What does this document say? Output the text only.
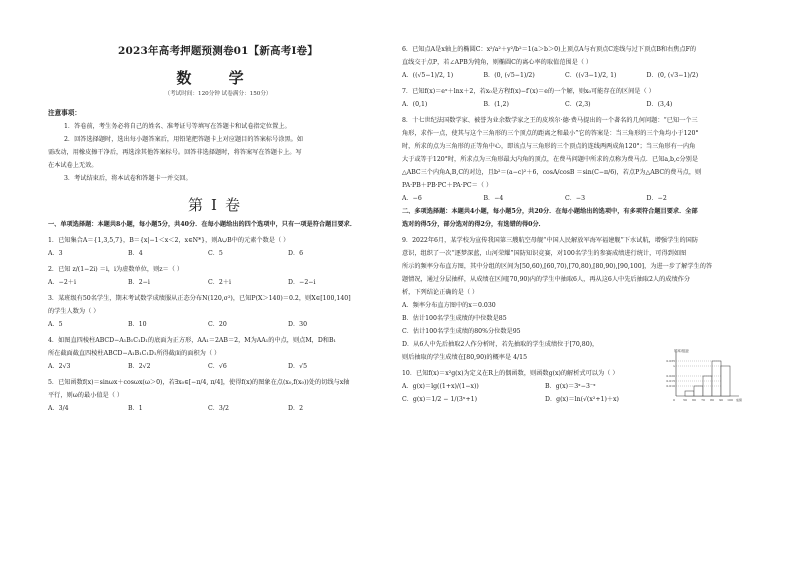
2023年高考押题预测卷01【新高考Ⅰ卷】
数 学
（考试时间：120分钟 试卷满分：150分）
注意事项：
1．答卷前，考生务必将自己的姓名、准考证号等填写在答题卡和试卷指定位置上。
2．回答选择题时，选出每小题答案后，用铅笔把答题卡上对应题目的答案标号涂黑。如
需改动，用橡皮擦干净后，再选涂其他答案标号。回答非选择题时，将答案写在答题卡上。写
在本试卷上无效。
3．考试结束后，将本试卷和答题卡一并交回。
第Ⅰ卷
一、单项选择题：本题共8小题，每小题5分，共40分．在每小题给出的四个选项中，只有一项是符合题目要求．
1．已知集合A＝{1,3,5,7}，B＝{x|−1＜x＜2，x∈N*}，则A∪B中的元素个数是（ ）
A．3	B．4	C．5	D．6
2．已知 z/(1−2i) ＝i，i为虚数单位，则z＝（ ）
A．−2＋i	B．2−i	C．2＋i	D．−2−i
3．某班级有50名学生，期末考试数学成绩服从正态分布N(120,σ²)，已知P(X＞140)＝0.2，则X∈[100,140]
的学生人数为（ ）
A．5	B．10	C．20	D．30
4．如图直四棱柱ABCD−A₁B₁C₁D₁的底面为正方形，AA₁＝2AB＝2，M为AA₁的中点，则点M，D和B₁
所在截面截直四棱柱ABCD−A₁B₁C₁D₁所得截面的面积为（ ）
A．2√3	B．2√2	C．√6	D．√5
5．已知函数f(x)＝sinωx＋cosωx(ω＞0)，若∃x₀∈[−π/4, π/4]，使得f(x)的图象在点(x₀,f(x₀))处的切线与x轴
平行，则ω的最小值是（ ）
A．3/4	B．1	C．3/2	D．2
6．已知点A是x轴上的椭圆C：x²/a²＋y²/b²＝1(a＞b＞0)上顶点A与右顶点C连线与过下顶点B和右焦点F的
直线交于点P，若∠APB为钝角，则椭圆C的离心率的取值范围是（ ）
A．((√5−1)/2, 1)	B．(0, (√5−1)/2)	C．((√3−1)/2, 1)	D．(0, (√3−1)/2)
7．已知f(x)＝eˣ＋lnx＋2，若x₀是方程f(x)−f′(x)＝e的一个解，则x₀可能存在的区间是（ ）
A．(0,1)	B．(1,2)	C．(2,3)	D．(3,4)
8．十七世纪法国数学家、被誉为业余数学家之王的皮埃尔·德·费马提出的一个著名的几何问题：“已知一个三
角形，求作一点，使其与这个三角形的三个顶点的距离之和最小”它的答案是：当三角形的三个角均小于120°
时，所求的点为三角形的正等角中心，即该点与三角形的三个顶点的连线两两成角120°；当三角形有一内角
大于或等于120°时，所求点为三角形最大内角的顶点，在费马问题中所求的点称为费马点．已知a,b,c分别是
△ABC三个内角A,B,C的对边，且b²＝(a−c)²＋6，cosA/cosB ＝sin(C−π/6)，若点P为△ABC的费马点，则
PA·PB＋PB·PC＋PA·PC＝（ ）
A．−6	B．−4	C．−3	D．−2
二、多项选择题：本题共4小题，每小题5分，共20分．在每小题给出的选项中，有多项符合题目要求．全部
选对的得5分，部分选对的得2分，有选错的得0分．
9．2022年6月，某学校为宣传我国第三艘航空母舰“中国人民解放军海军福建舰”下水试航，增强学生的国防
意识，组织了一次“逐梦深蓝，山河荣耀”国防知识竞赛，对100名学生的参赛成绩进行统计，可得到如图
所示的频率分布直方图，其中分组的区间为[50,60),[60,70),[70,80),[80,90),[90,100]，为进一步了解学生的答
题情况，通过分层抽样，从成绩在区间[70,90)内的学生中抽取6人，再从这6人中先后抽取2人的成绩作分
析，下列结论正确的是（ ）
A．频率分布直方图中的x＝0.030
B．估计100名学生成绩的中位数是85
C．估计100名学生成绩的80%分位数是95
D．从6人中先后抽取2人作分析时，若先抽取的学生成绩位于[70,80)，
则后抽取的学生成绩在[80,90)的概率是 4/15
10．已知f(x)＝x²g(x)为定义在R上的偶函数，则函数g(x)的解析式可以为（ ）
A．g(x)＝lg((1+x)/(1−x))	B．g(x)＝3ˣ−3⁻ˣ
C．g(x)＝1/2 − 1/(3ˣ+1)	D．g(x)＝ln(√(x²+1)＋x)
频率/组距
0.035
x
0.020
0.015
0.010
0	50 60 70 80 90 100 成绩
